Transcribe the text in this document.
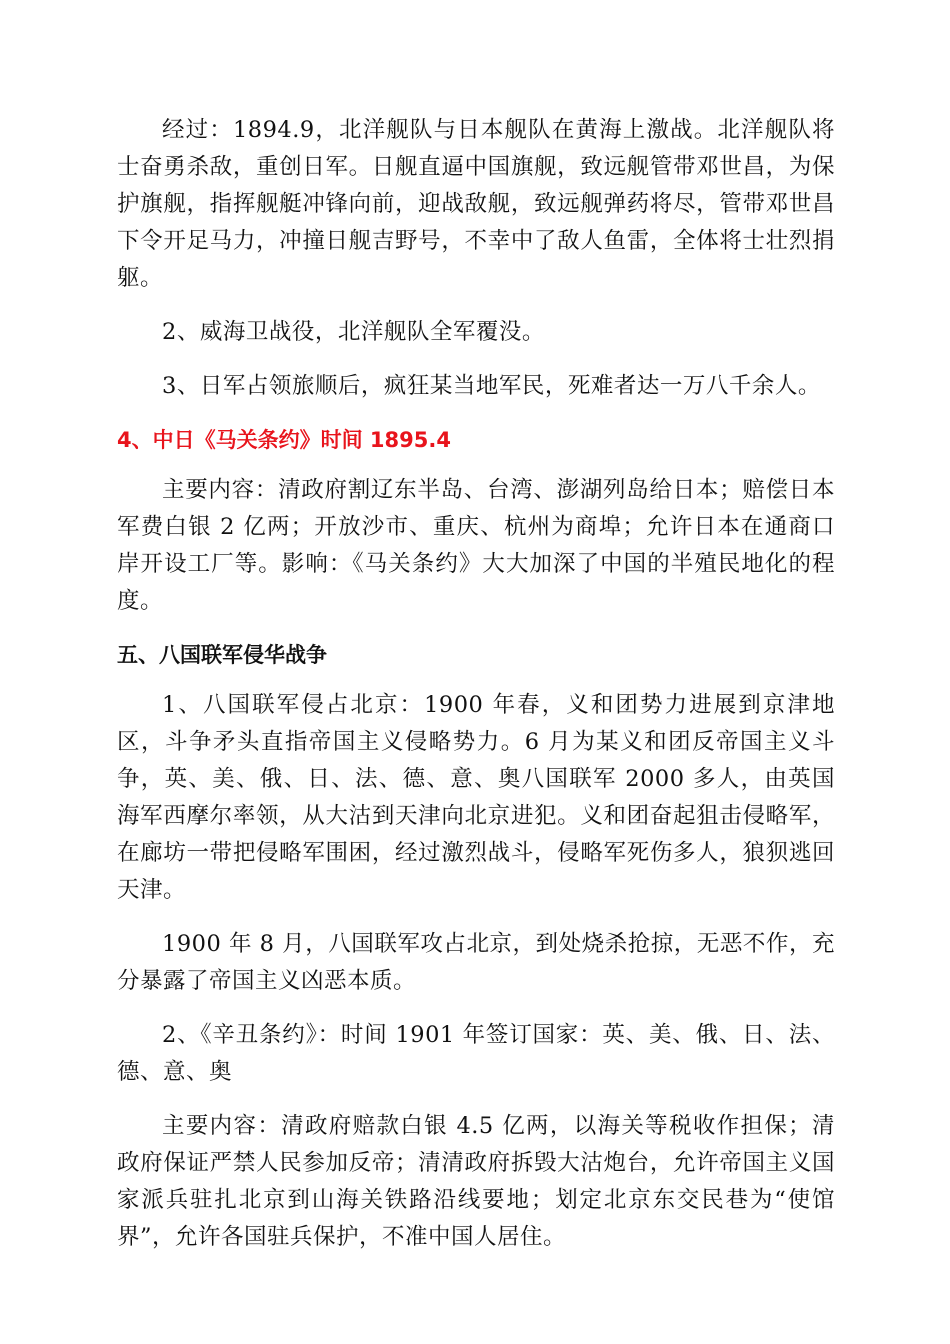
经过：1894.9，北洋舰队与日本舰队在黄海上激战。北洋舰队将士奋勇杀敌，重创日军。日舰直逼中国旗舰，致远舰管带邓世昌，为保护旗舰，指挥舰艇冲锋向前，迎战敌舰，致远舰弹药将尽，管带邓世昌下令开足马力，冲撞日舰吉野号，不幸中了敌人鱼雷，全体将士壮烈捐躯。

2、威海卫战役，北洋舰队全军覆没。

3、日军占领旅顺后，疯狂某当地军民，死难者达一万八千余人。

4、中日《马关条约》时间 1895.4

主要内容：清政府割辽东半岛、台湾、澎湖列岛给日本；赔偿日本军费白银 2 亿两；开放沙市、重庆、杭州为商埠；允许日本在通商口岸开设工厂等。影响：《马关条约》大大加深了中国的半殖民地化的程度。

五、八国联军侵华战争

1、八国联军侵占北京：1900 年春，义和团势力进展到京津地区，斗争矛头直指帝国主义侵略势力。6 月为某义和团反帝国主义斗争，英、美、俄、日、法、德、意、奥八国联军 2000 多人，由英国海军西摩尔率领，从大沽到天津向北京进犯。义和团奋起狙击侵略军，在廊坊一带把侵略军围困，经过激烈战斗，侵略军死伤多人，狼狈逃回天津。

1900 年 8 月，八国联军攻占北京，到处烧杀抢掠，无恶不作，充分暴露了帝国主义凶恶本质。

2、《辛丑条约》：时间 1901 年签订国家：英、美、俄、日、法、德、意、奥

主要内容：清政府赔款白银 4.5 亿两，以海关等税收作担保；清政府保证严禁人民参加反帝；清清政府拆毁大沽炮台，允许帝国主义国家派兵驻扎北京到山海关铁路沿线要地；划定北京东交民巷为“使馆界”，允许各国驻兵保护，不准中国人居住。
